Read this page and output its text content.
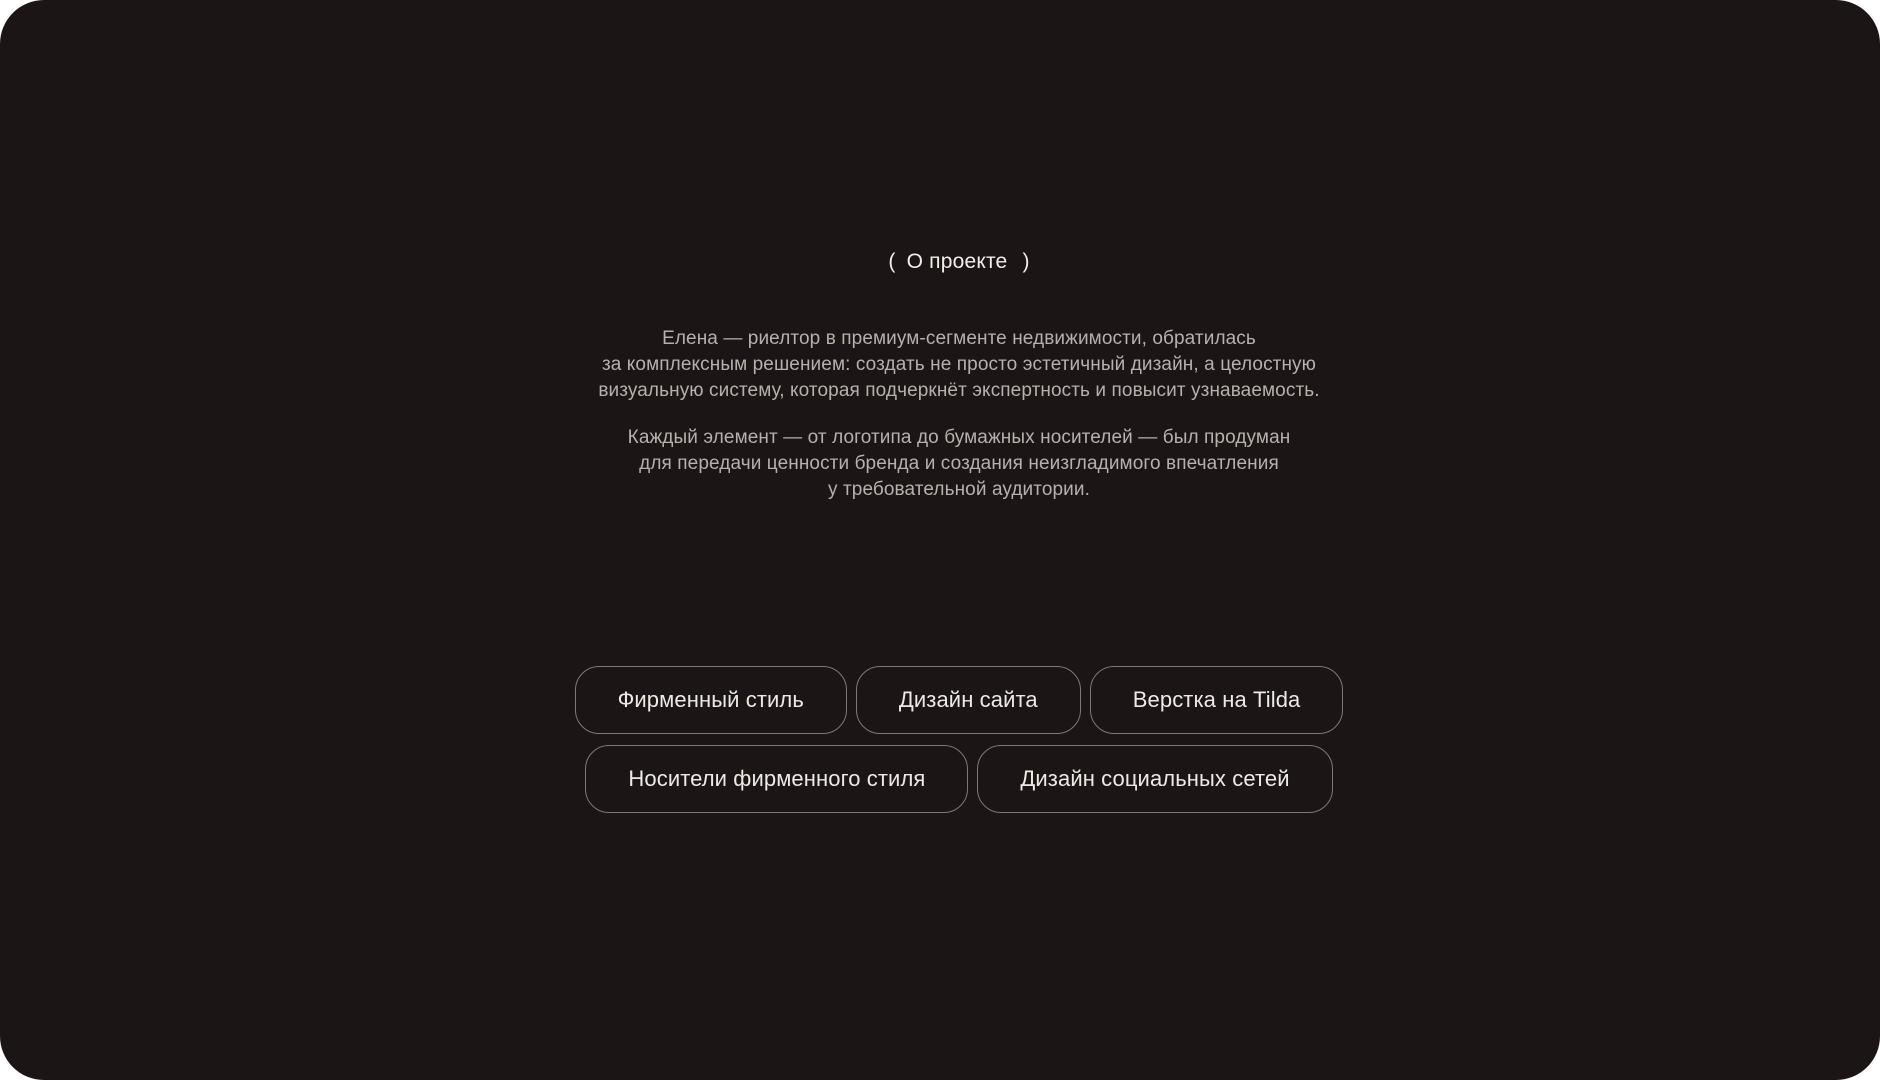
( О проекте )
Елена — риелтор в премиум-сегменте недвижимости, обратилась
за комплексным решением: создать не просто эстетичный дизайн, а целостную
визуальную систему, которая подчеркнёт экспертность и повысит узнаваемость.
Каждый элемент — от логотипа до бумажных носителей — был продуман
для передачи ценности бренда и создания неизгладимого впечатления
у требовательной аудитории.
Фирменный стиль	Дизайн сайта	Верстка на Tilda
Носители фирменного стиля	Дизайн социальных сетей
